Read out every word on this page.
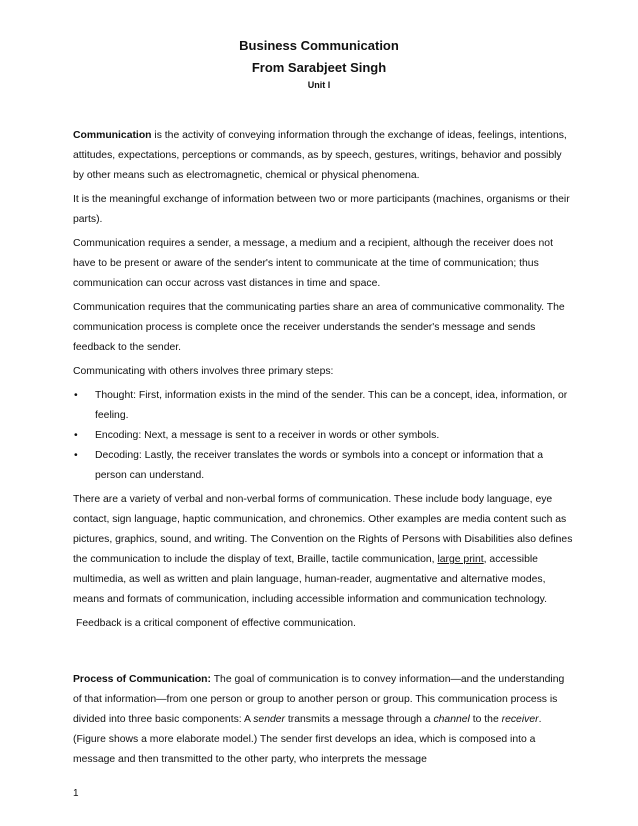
Business Communication
From Sarabjeet Singh
Unit I

Communication is the activity of conveying information through the exchange of ideas, feelings, intentions, attitudes, expectations, perceptions or commands, as by speech, gestures, writings, behavior and possibly by other means such as electromagnetic, chemical or physical phenomena.

It is the meaningful exchange of information between two or more participants (machines, organisms or their parts).

Communication requires a sender, a message, a medium and a recipient, although the receiver does not have to be present or aware of the sender's intent to communicate at the time of communication; thus communication can occur across vast distances in time and space.

Communication requires that the communicating parties share an area of communicative commonality. The communication process is complete once the receiver understands the sender's message and sends feedback to the sender.

Communicating with others involves three primary steps:

• Thought: First, information exists in the mind of the sender. This can be a concept, idea, information, or feeling.
• Encoding: Next, a message is sent to a receiver in words or other symbols.
• Decoding: Lastly, the receiver translates the words or symbols into a concept or information that a person can understand.

There are a variety of verbal and non-verbal forms of communication. These include body language, eye contact, sign language, haptic communication, and chronemics. Other examples are media content such as pictures, graphics, sound, and writing. The Convention on the Rights of Persons with Disabilities also defines the communication to include the display of text, Braille, tactile communication, large print, accessible multimedia, as well as written and plain language, human-reader, augmentative and alternative modes, means and formats of communication, including accessible information and communication technology.

Feedback is a critical component of effective communication.

Process of Communication: The goal of communication is to convey information—and the understanding of that information—from one person or group to another person or group. This communication process is divided into three basic components: A sender transmits a message through a channel to the receiver. (Figure shows a more elaborate model.) The sender first develops an idea, which is composed into a message and then transmitted to the other party, who interprets the message

1
